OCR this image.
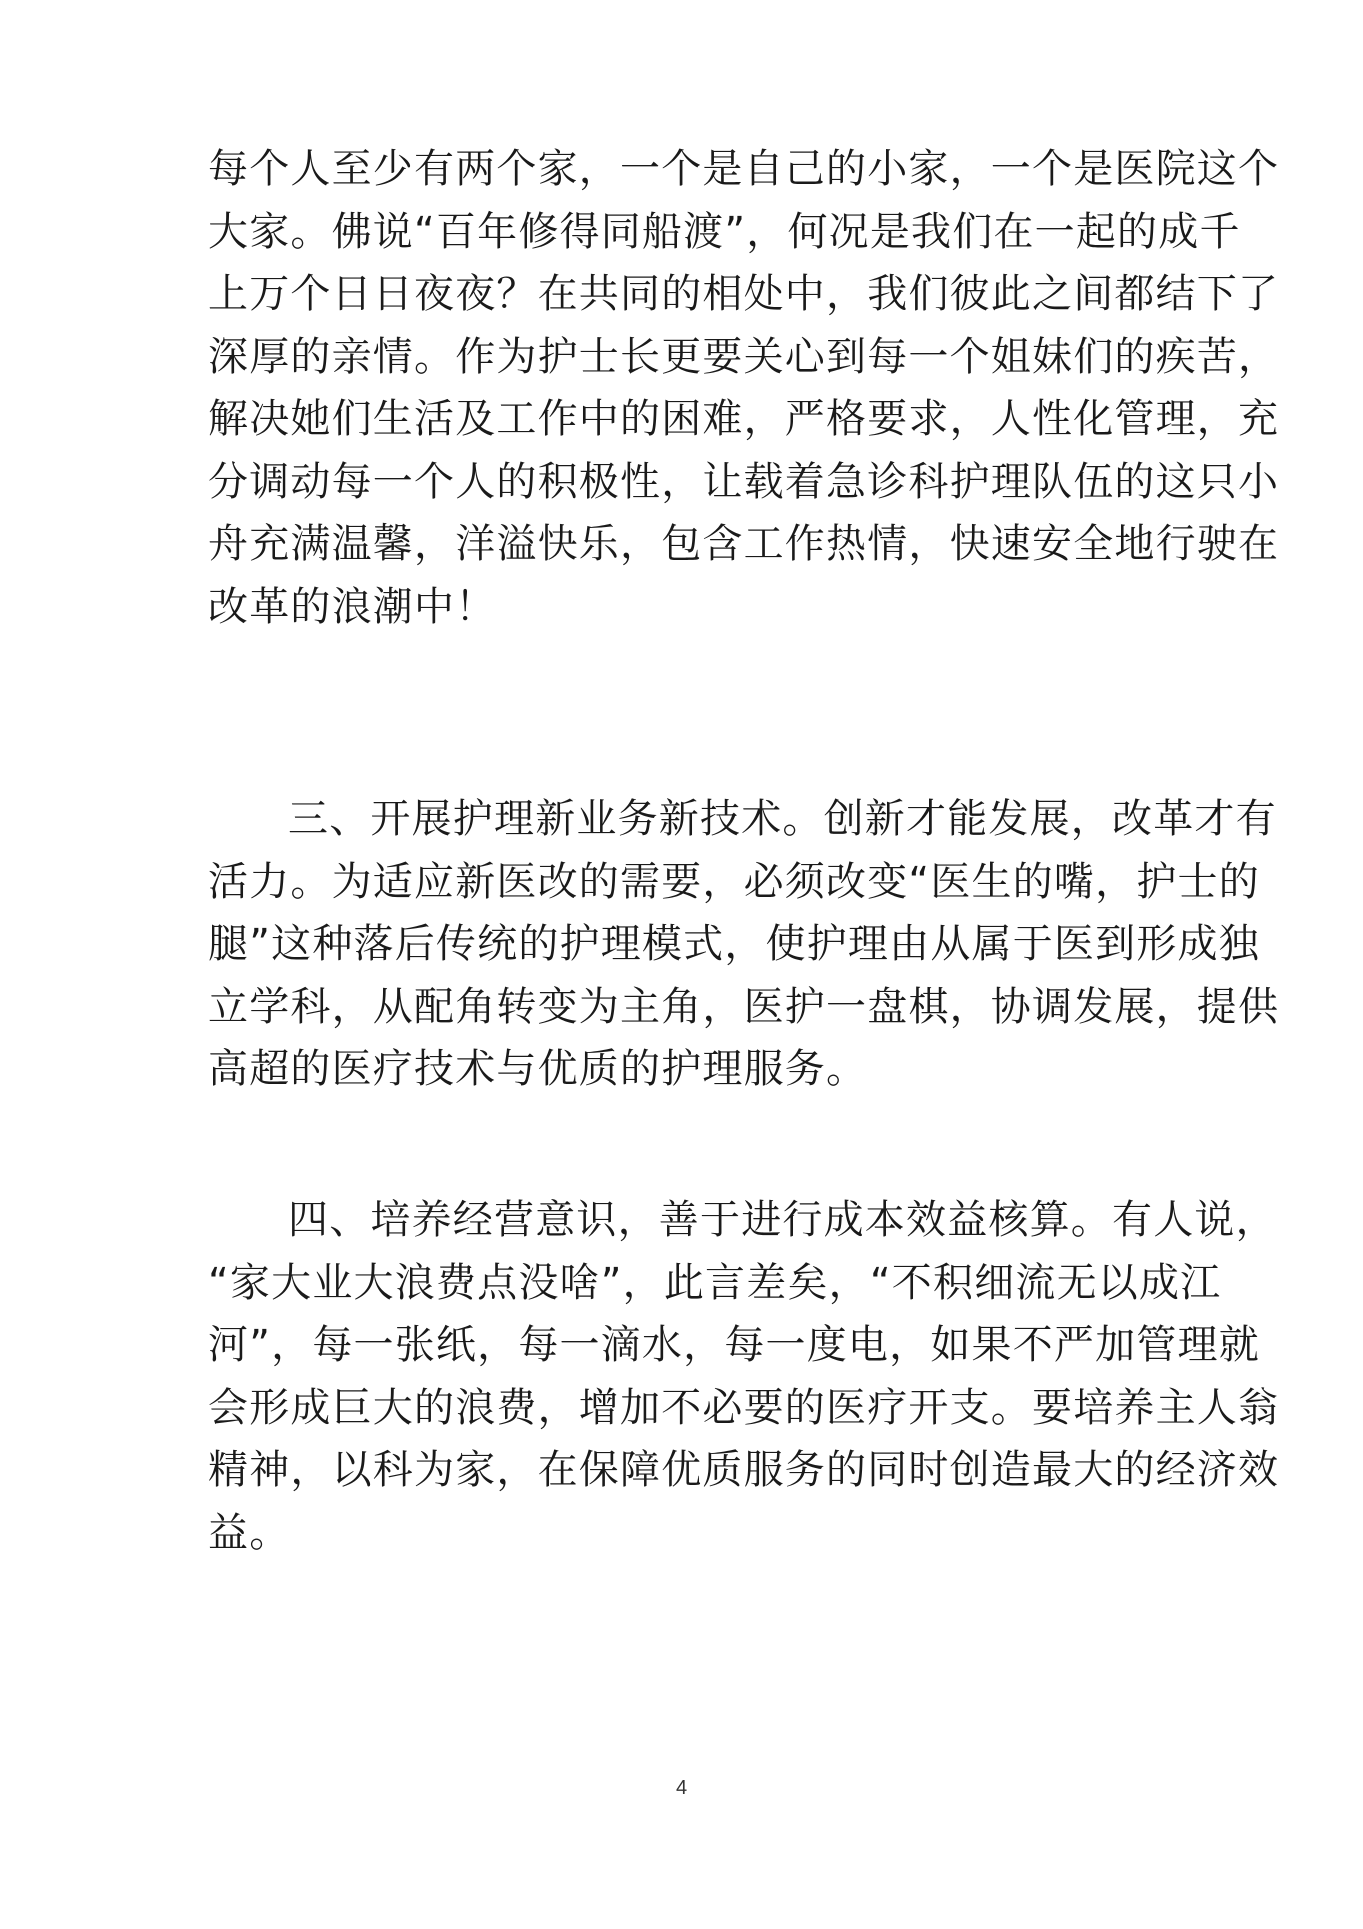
每个人至少有两个家，一个是自己的小家，一个是医院这个
大家。佛说“百年修得同船渡”，何况是我们在一起的成千
上万个日日夜夜？在共同的相处中，我们彼此之间都结下了
深厚的亲情。作为护士长更要关心到每一个姐妹们的疾苦，
解决她们生活及工作中的困难，严格要求，人性化管理，充
分调动每一个人的积极性，让载着急诊科护理队伍的这只小
舟充满温馨，洋溢快乐，包含工作热情，快速安全地行驶在
改革的浪潮中！
三、开展护理新业务新技术。创新才能发展，改革才有
活力。为适应新医改的需要，必须改变“医生的嘴，护士的
腿”这种落后传统的护理模式，使护理由从属于医到形成独
立学科，从配角转变为主角，医护一盘棋，协调发展，提供
高超的医疗技术与优质的护理服务。
四、培养经营意识，善于进行成本效益核算。有人说，
“家大业大浪费点没啥”，此言差矣，“不积细流无以成江
河”，每一张纸，每一滴水，每一度电，如果不严加管理就
会形成巨大的浪费，增加不必要的医疗开支。要培养主人翁
精神，以科为家，在保障优质服务的同时创造最大的经济效
益。
4
